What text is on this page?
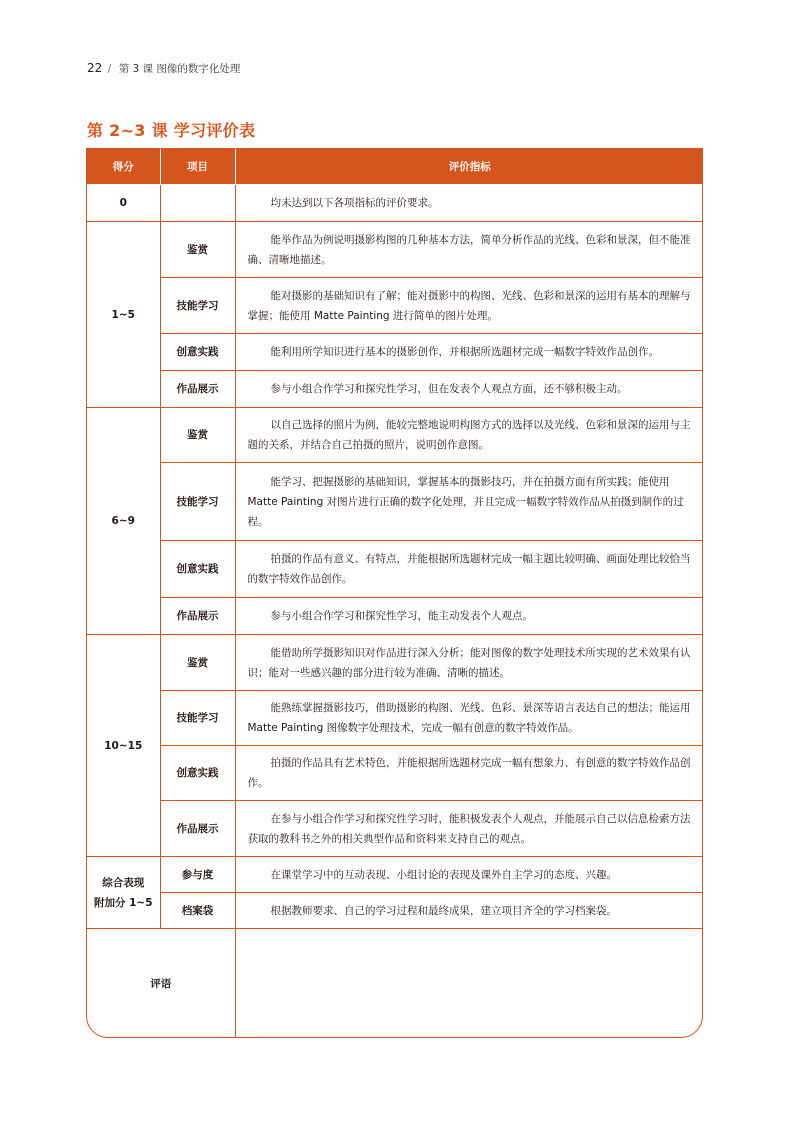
22 / 第 3 课 图像的数字化处理
第 2~3 课 学习评价表
得分	项目	评价指标
0		均未达到以下各项指标的评价要求。
1~5	鉴赏	能举作品为例说明摄影构图的几种基本方法，简单分析作品的光线、色彩和景深，但不能准确、清晰地描述。
	技能学习	能对摄影的基础知识有了解；能对摄影中的构图、光线、色彩和景深的运用有基本的理解与掌握；能使用 Matte Painting 进行简单的图片处理。
	创意实践	能利用所学知识进行基本的摄影创作，并根据所选题材完成一幅数字特效作品创作。
	作品展示	参与小组合作学习和探究性学习，但在发表个人观点方面，还不够积极主动。
6~9	鉴赏	以自己选择的照片为例，能较完整地说明构图方式的选择以及光线、色彩和景深的运用与主题的关系，并结合自己拍摄的照片，说明创作意图。
	技能学习	能学习、把握摄影的基础知识，掌握基本的摄影技巧，并在拍摄方面有所实践；能使用 Matte Painting 对图片进行正确的数字化处理，并且完成一幅数字特效作品从拍摄到制作的过程。
	创意实践	拍摄的作品有意义、有特点，并能根据所选题材完成一幅主题比较明确、画面处理比较恰当的数字特效作品创作。
	作品展示	参与小组合作学习和探究性学习，能主动发表个人观点。
10~15	鉴赏	能借助所学摄影知识对作品进行深入分析；能对图像的数字处理技术所实现的艺术效果有认识；能对一些感兴趣的部分进行较为准确、清晰的描述。
	技能学习	能熟练掌握摄影技巧，借助摄影的构图、光线、色彩、景深等语言表达自己的想法；能运用 Matte Painting 图像数字处理技术，完成一幅有创意的数字特效作品。
	创意实践	拍摄的作品具有艺术特色，并能根据所选题材完成一幅有想象力、有创意的数字特效作品创作。
	作品展示	在参与小组合作学习和探究性学习时，能积极发表个人观点，并能展示自己以信息检索方法获取的教科书之外的相关典型作品和资料来支持自己的观点。

综合表现
附加分 1~5	参与度	在课堂学习中的互动表现、小组讨论的表现及课外自主学习的态度、兴趣。
	档案袋	根据教师要求、自己的学习过程和最终成果，建立项目齐全的学习档案袋。
评语		
